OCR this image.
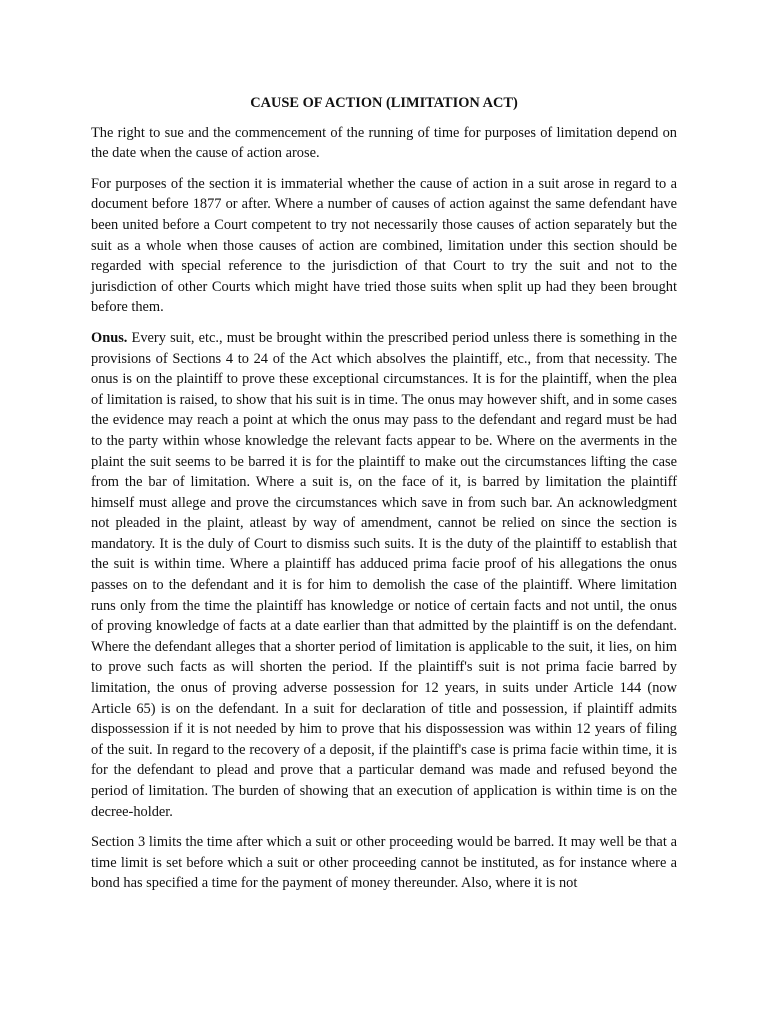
CAUSE OF ACTION (LIMITATION ACT)

The right to sue and the commencement of the running of time for purposes of limitation depend on the date when the cause of action arose.

For purposes of the section it is immaterial whether the cause of action in a suit arose in regard to a document before 1877 or after. Where a number of causes of action against the same defendant have been united before a Court competent to try not necessarily those causes of action separately but the suit as a whole when those causes of action are combined, limitation under this section should be regarded with special reference to the jurisdiction of that Court to try the suit and not to the jurisdiction of other Courts which might have tried those suits when split up had they been brought before them.

Onus. Every suit, etc., must be brought within the prescribed period unless there is something in the provisions of Sections 4 to 24 of the Act which absolves the plaintiff, etc., from that necessity. The onus is on the plaintiff to prove these exceptional circumstances. It is for the plaintiff, when the plea of limitation is raised, to show that his suit is in time. The onus may however shift, and in some cases the evidence may reach a point at which the onus may pass to the defendant and regard must be had to the party within whose knowledge the relevant facts appear to be. Where on the averments in the plaint the suit seems to be barred it is for the plaintiff to make out the circumstances lifting the case from the bar of limitation. Where a suit is, on the face of it, is barred by limitation the plaintiff himself must allege and prove the circumstances which save in from such bar. An acknowledgment not pleaded in the plaint, atleast by way of amendment, cannot be relied on since the section is mandatory. It is the duly of Court to dismiss such suits. It is the duty of the plaintiff to establish that the suit is within time. Where a plaintiff has adduced prima facie proof of his allegations the onus passes on to the defendant and it is for him to demolish the case of the plaintiff. Where limitation runs only from the time the plaintiff has knowledge or notice of certain facts and not until, the onus of proving knowledge of facts at a date earlier than that admitted by the plaintiff is on the defendant. Where the defendant alleges that a shorter period of limitation is applicable to the suit, it lies, on him to prove such facts as will shorten the period. If the plaintiff's suit is not prima facie barred by limitation, the onus of proving adverse possession for 12 years, in suits under Article 144 (now Article 65) is on the defendant. In a suit for declaration of title and possession, if plaintiff admits dispossession if it is not needed by him to prove that his dispossession was within 12 years of filing of the suit. In regard to the recovery of a deposit, if the plaintiff's case is prima facie within time, it is for the defendant to plead and prove that a particular demand was made and refused beyond the period of limitation. The burden of showing that an execution of application is within time is on the decree-holder.

Section 3 limits the time after which a suit or other proceeding would be barred. It may well be that a time limit is set before which a suit or other proceeding cannot be instituted, as for instance where a bond has specified a time for the payment of money thereunder. Also, where it is not
